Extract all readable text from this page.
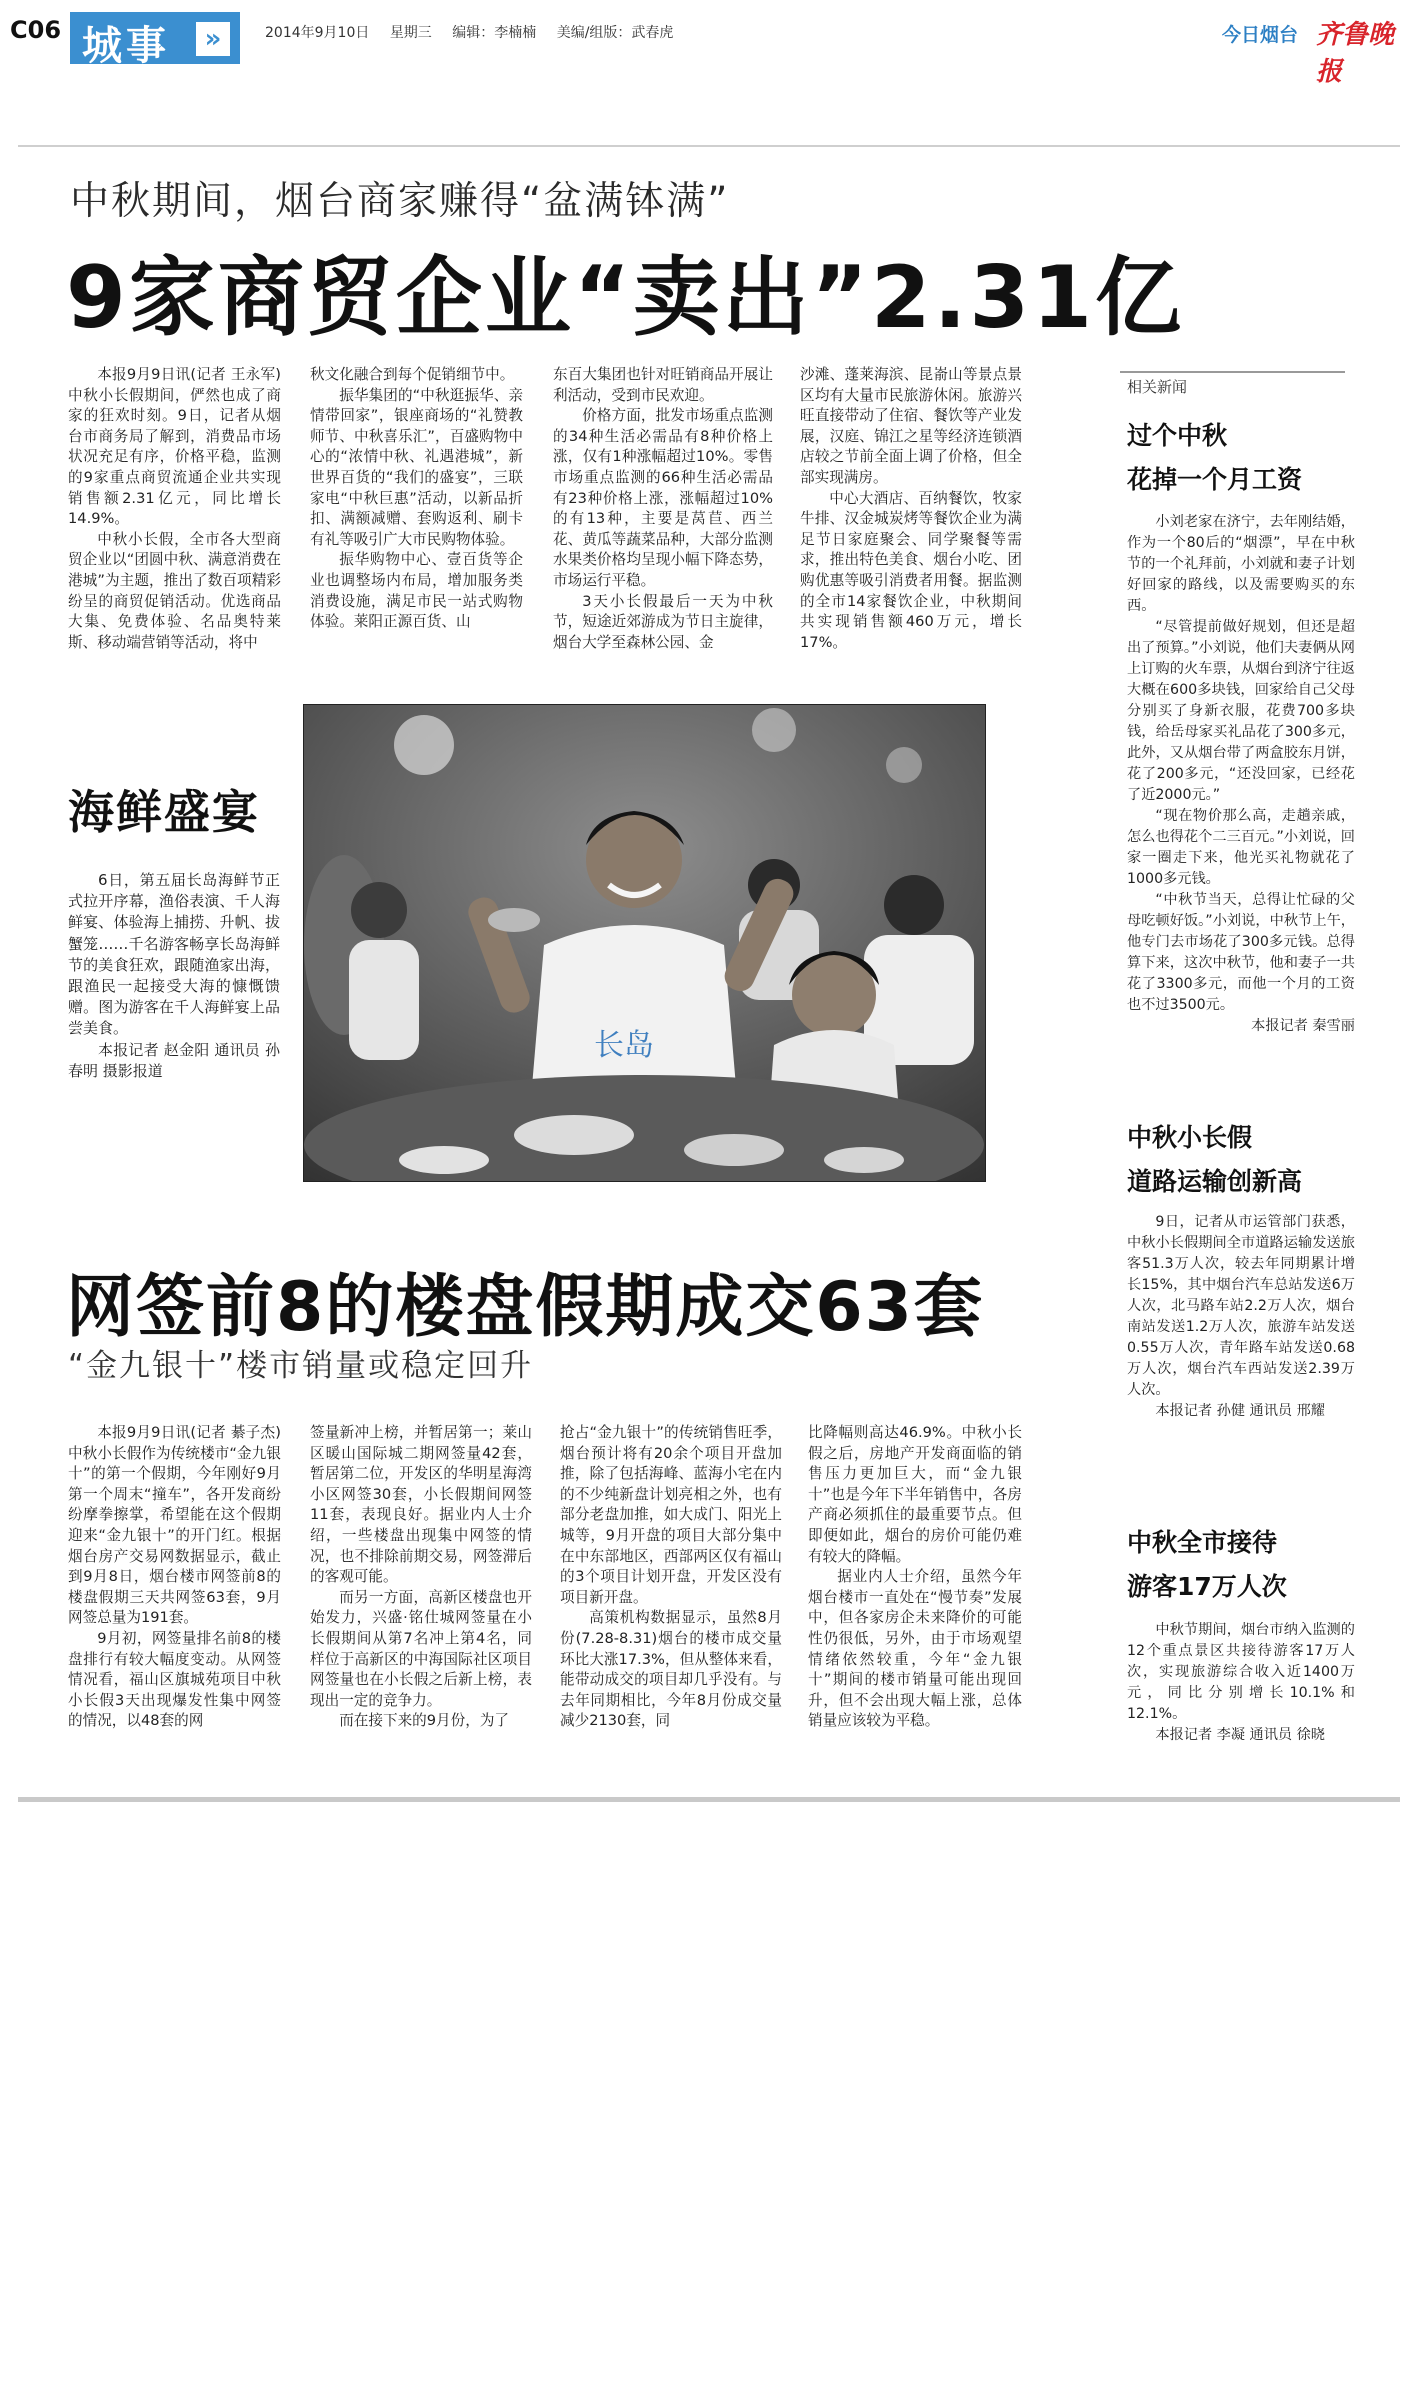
C06 城事	»	2014年9月10日 星期三 编辑：李楠楠 美编/组版：武春虎	今日烟台 齐鲁晚报
中秋期间，烟台商家赚得“盆满钵满”
9家商贸企业“卖出”2.31亿

本报9月9日讯(记者 王永军) 中秋小长假期间，俨然也成了商家的狂欢时刻。9日，记者从烟台市商务局了解到，消费品市场状况充足有序，价格平稳，监测的9家重点商贸流通企业共实现销售额2.31亿元，同比增长14.9%。

中秋小长假，全市各大型商贸企业以“团圆中秋、满意消费在港城”为主题，推出了数百项精彩纷呈的商贸促销活动。优选商品大集、免费体验、名品奥特莱斯、移动端营销等活动，将中

秋文化融合到每个促销细节中。

振华集团的“中秋逛振华、亲情带回家”，银座商场的“礼赞教师节、中秋喜乐汇”，百盛购物中心的“浓情中秋、礼遇港城”，新世界百货的“我们的盛宴”，三联家电“中秋巨惠”活动，以新品折扣、满额减赠、套购返利、刷卡有礼等吸引广大市民购物体验。

振华购物中心、壹百货等企业也调整场内布局，增加服务类消费设施，满足市民一站式购物体验。莱阳正源百货、山

东百大集团也针对旺销商品开展让利活动，受到市民欢迎。

价格方面，批发市场重点监测的34种生活必需品有8种价格上涨，仅有1种涨幅超过10%。零售市场重点监测的66种生活必需品有23种价格上涨，涨幅超过10%的有13种，主要是莴苣、西兰花、黄瓜等蔬菜品种，大部分监测水果类价格均呈现小幅下降态势，市场运行平稳。

3天小长假最后一天为中秋节，短途近郊游成为节日主旋律，烟台大学至森林公园、金

沙滩、蓬莱海滨、昆嵛山等景点景区均有大量市民旅游休闲。旅游兴旺直接带动了住宿、餐饮等产业发展，汉庭、锦江之星等经济连锁酒店较之节前全面上调了价格，但全部实现满房。

中心大酒店、百纳餐饮，牧家牛排、汉金城炭烤等餐饮企业为满足节日家庭聚会、同学聚餐等需求，推出特色美食、烟台小吃、团购优惠等吸引消费者用餐。据监测的全市14家餐饮企业，中秋期间共实现销售额460万元，增长17%。

长岛
海鲜盛宴

6日，第五届长岛海鲜节正式拉开序幕，渔俗表演、千人海鲜宴、体验海上捕捞、升帆、拔蟹笼……千名游客畅享长岛海鲜节的美食狂欢，跟随渔家出海，跟渔民一起接受大海的慷慨馈赠。图为游客在千人海鲜宴上品尝美食。

本报记者 赵金阳 通讯员 孙春明 摄影报道

网签前8的楼盘假期成交63套
“金九银十”楼市销量或稳定回升

本报9月9日讯(记者 綦子杰) 中秋小长假作为传统楼市“金九银十”的第一个假期，今年刚好9月第一个周末“撞车”，各开发商纷纷摩拳擦掌，希望能在这个假期迎来“金九银十”的开门红。根据烟台房产交易网数据显示，截止到9月8日，烟台楼市网签前8的楼盘假期三天共网签63套，9月网签总量为191套。

9月初，网签量排名前8的楼盘排行有较大幅度变动。从网签情况看，福山区旗城苑项目中秋小长假3天出现爆发性集中网签的情况，以48套的网

签量新冲上榜，并暂居第一；莱山区暖山国际城二期网签量42套，暂居第二位，开发区的华明星海湾小区网签30套，小长假期间网签11套，表现良好。据业内人士介绍，一些楼盘出现集中网签的情况，也不排除前期交易，网签滞后的客观可能。

而另一方面，高新区楼盘也开始发力，兴盛·铭仕城网签量在小长假期间从第7名冲上第4名，同样位于高新区的中海国际社区项目网签量也在小长假之后新上榜，表现出一定的竞争力。

而在接下来的9月份，为了

抢占“金九银十”的传统销售旺季，烟台预计将有20余个项目开盘加推，除了包括海峰、蓝海小宅在内的不少纯新盘计划亮相之外，也有部分老盘加推，如大成门、阳光上城等，9月开盘的项目大部分集中在中东部地区，西部两区仅有福山的3个项目计划开盘，开发区没有项目新开盘。

高策机构数据显示，虽然8月份(7.28-8.31)烟台的楼市成交量环比大涨17.3%，但从整体来看，能带动成交的项目却几乎没有。与去年同期相比，今年8月份成交量减少2130套，同

比降幅则高达46.9%。中秋小长假之后，房地产开发商面临的销售压力更加巨大，而“金九银十”也是今年下半年销售中，各房产商必须抓住的最重要节点。但即便如此，烟台的房价可能仍难有较大的降幅。

据业内人士介绍，虽然今年烟台楼市一直处在“慢节奏”发展中，但各家房企未来降价的可能性仍很低，另外，由于市场观望情绪依然较重，今年“金九银十”期间的楼市销量可能出现回升，但不会出现大幅上涨，总体销量应该较为平稳。

相关新闻
过个中秋
花掉一个月工资

小刘老家在济宁，去年刚结婚，作为一个80后的“烟漂”，早在中秋节的一个礼拜前，小刘就和妻子计划好回家的路线，以及需要购买的东西。

“尽管提前做好规划，但还是超出了预算。”小刘说，他们夫妻俩从网上订购的火车票，从烟台到济宁往返大概在600多块钱，回家给自己父母分别买了身新衣服，花费700多块钱，给岳母家买礼品花了300多元，此外，又从烟台带了两盒胶东月饼，花了200多元，“还没回家，已经花了近2000元。”

“现在物价那么高，走趟亲戚，怎么也得花个二三百元。”小刘说，回家一圈走下来，他光买礼物就花了1000多元钱。

“中秋节当天，总得让忙碌的父母吃顿好饭。”小刘说，中秋节上午，他专门去市场花了300多元钱。总得算下来，这次中秋节，他和妻子一共花了3300多元，而他一个月的工资也不过3500元。

本报记者 秦雪丽

中秋小长假
道路运输创新高

9日，记者从市运管部门获悉，中秋小长假期间全市道路运输发送旅客51.3万人次，较去年同期累计增长15%，其中烟台汽车总站发送6万人次，北马路车站2.2万人次，烟台南站发送1.2万人次，旅游车站发送0.55万人次，青年路车站发送0.68万人次，烟台汽车西站发送2.39万人次。

本报记者 孙健 通讯员 邢耀

中秋全市接待
游客17万人次

中秋节期间，烟台市纳入监测的12个重点景区共接待游客17万人次，实现旅游综合收入近1400万元，同比分别增长10.1%和12.1%。

本报记者 李凝 通讯员 徐晓
